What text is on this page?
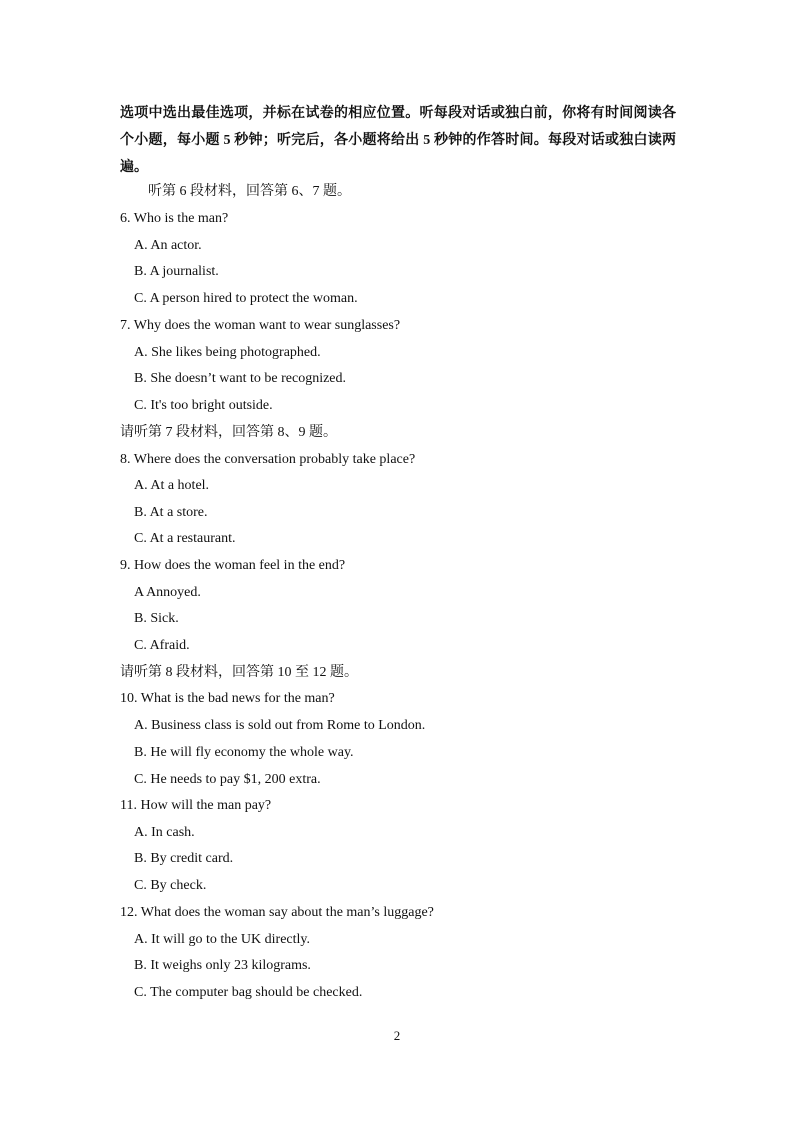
选项中选出最佳选项，并标在试卷的相应位置。听每段对话或独白前，你将有时间阅读各个小题，每小题 5 秒钟；听完后，各小题将给出 5 秒钟的作答时间。每段对话或独白读两遍。
听第 6 段材料，回答第 6、7 题。
6. Who is the man?
A. An actor.
B. A journalist.
C. A person hired to protect the woman.
7. Why does the woman want to wear sunglasses?
A. She likes being photographed.
B. She doesn’t want to be recognized.
C. It's too bright outside.
请听第 7 段材料，回答第 8、9 题。
8. Where does the conversation probably take place?
A. At a hotel.
B. At a store.
C. At a restaurant.
9. How does the woman feel in the end?
A Annoyed.
B. Sick.
C. Afraid.
请听第 8 段材料，回答第 10 至 12 题。
10. What is the bad news for the man?
A. Business class is sold out from Rome to London.
B. He will fly economy the whole way.
C. He needs to pay $1, 200 extra.
11. How will the man pay?
A. In cash.
B. By credit card.
C. By check.
12. What does the woman say about the man’s luggage?
A. It will go to the UK directly.
B. It weighs only 23 kilograms.
C. The computer bag should be checked.
2
